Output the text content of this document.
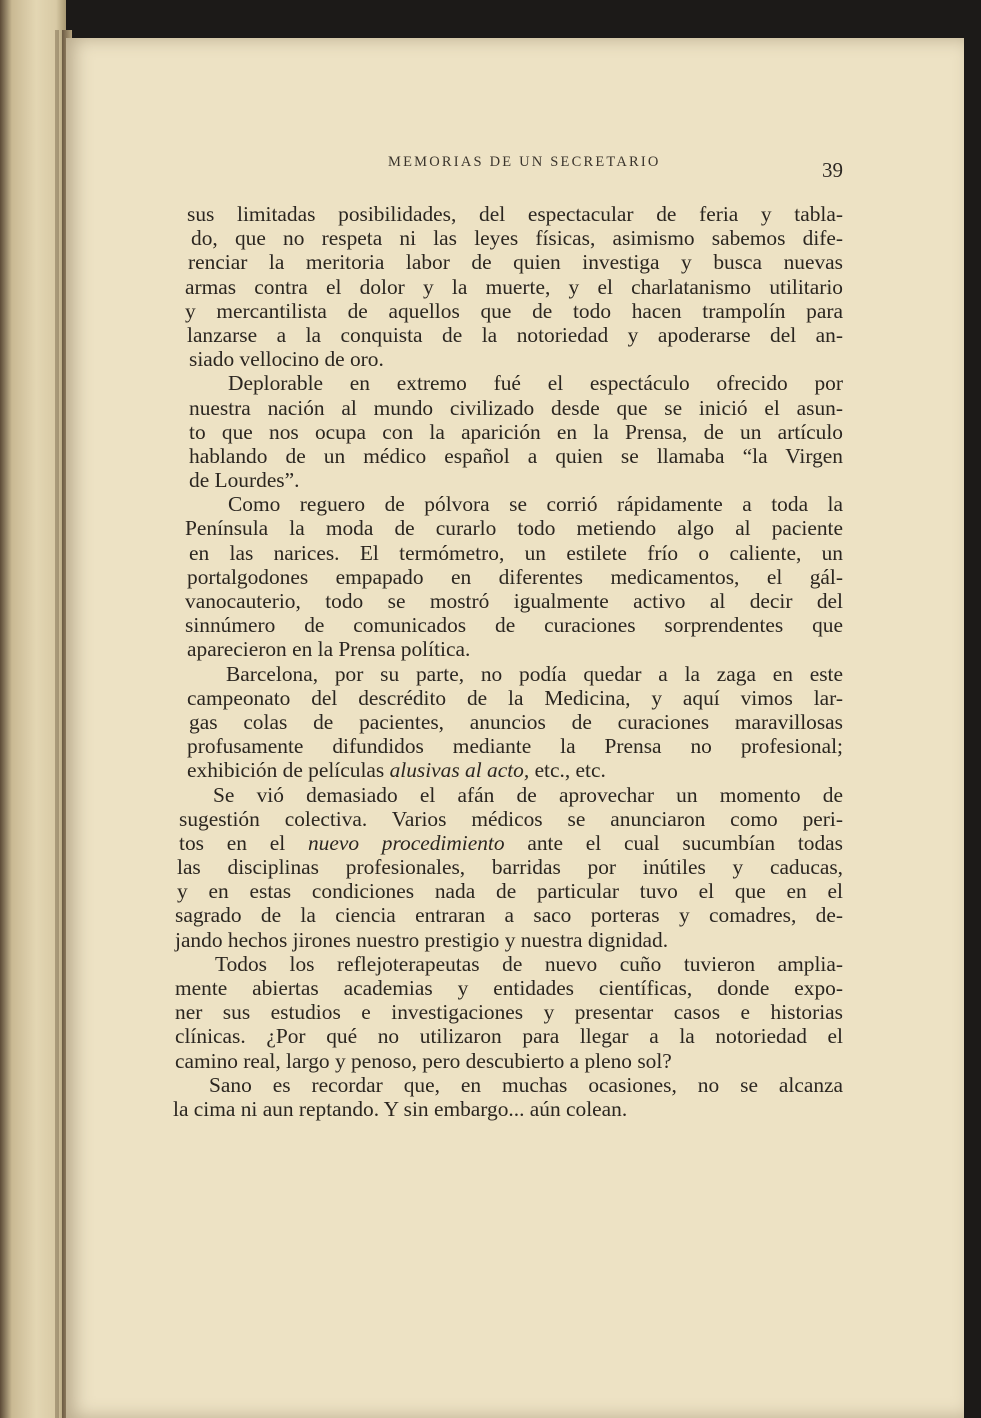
MEMORIAS DE UN SECRETARIO	39
sus limitadas posibilidades, del espectacular de feria y tabla-
do, que no respeta ni las leyes físicas, asimismo sabemos dife-
renciar la meritoria labor de quien investiga y busca nuevas
armas contra el dolor y la muerte, y el charlatanismo utilitario
y mercantilista de aquellos que de todo hacen trampolín para
lanzarse a la conquista de la notoriedad y apoderarse del an-
siado vellocino de oro.
Deplorable en extremo fué el espectáculo ofrecido por
nuestra nación al mundo civilizado desde que se inició el asun-
to que nos ocupa con la aparición en la Prensa, de un artículo
hablando de un médico español a quien se llamaba “la Virgen
de Lourdes”.
Como reguero de pólvora se corrió rápidamente a toda la
Península la moda de curarlo todo metiendo algo al paciente
en las narices. El termómetro, un estilete frío o caliente, un
portalgodones empapado en diferentes medicamentos, el gál-
vanocauterio, todo se mostró igualmente activo al decir del
sinnúmero de comunicados de curaciones sorprendentes que
aparecieron en la Prensa política.
Barcelona, por su parte, no podía quedar a la zaga en este
campeonato del descrédito de la Medicina, y aquí vimos lar-
gas colas de pacientes, anuncios de curaciones maravillosas
profusamente difundidos mediante la Prensa no profesional;
exhibición de películas alusivas al acto, etc., etc.
Se vió demasiado el afán de aprovechar un momento de
sugestión colectiva. Varios médicos se anunciaron como peri-
tos en el nuevo procedimiento ante el cual sucumbían todas
las disciplinas profesionales, barridas por inútiles y caducas,
y en estas condiciones nada de particular tuvo el que en el
sagrado de la ciencia entraran a saco porteras y comadres, de-
jando hechos jirones nuestro prestigio y nuestra dignidad.
Todos los reflejoterapeutas de nuevo cuño tuvieron amplia-
mente abiertas academias y entidades científicas, donde expo-
ner sus estudios e investigaciones y presentar casos e historias
clínicas. ¿Por qué no utilizaron para llegar a la notoriedad el
camino real, largo y penoso, pero descubierto a pleno sol?
Sano es recordar que, en muchas ocasiones, no se alcanza
la cima ni aun reptando. Y sin embargo... aún colean.
